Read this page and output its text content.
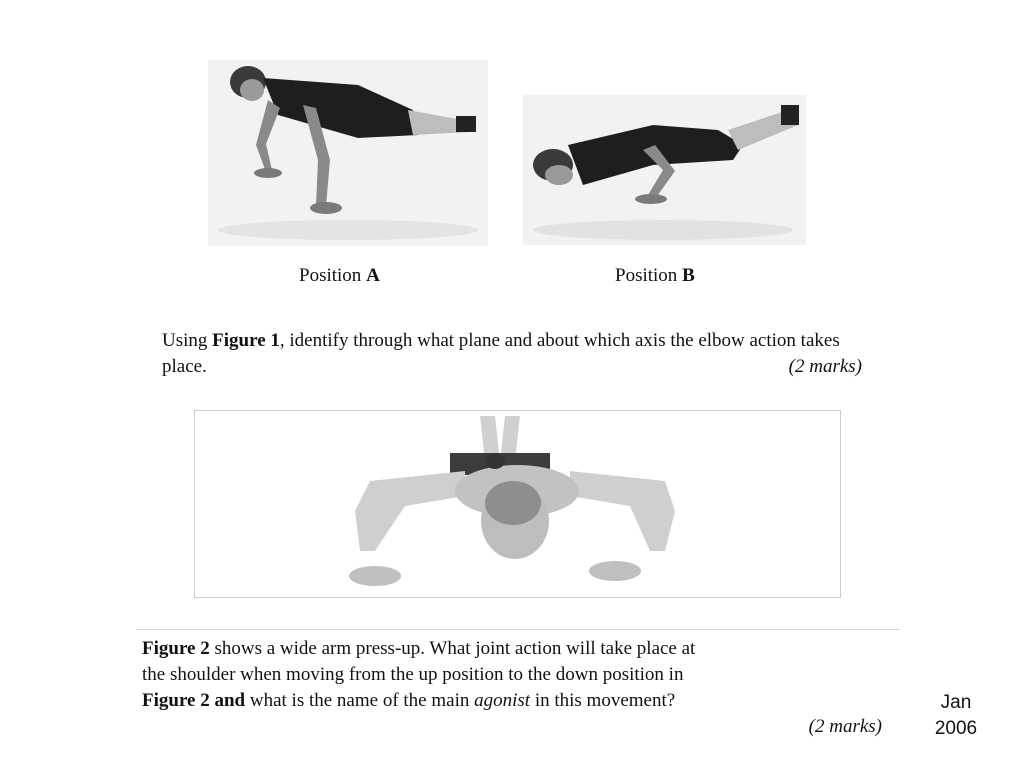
Position A	Position B
Using Figure 1, identify through what plane and about which axis the elbow action takes place.	(2 marks)
Figure 2 shows a wide arm press-up. What joint action will take place at
the shoulder when moving from the up position to the down position in
Figure 2 and what is the name of the main agonist in this movement?
(2 marks)
Jan
2006
